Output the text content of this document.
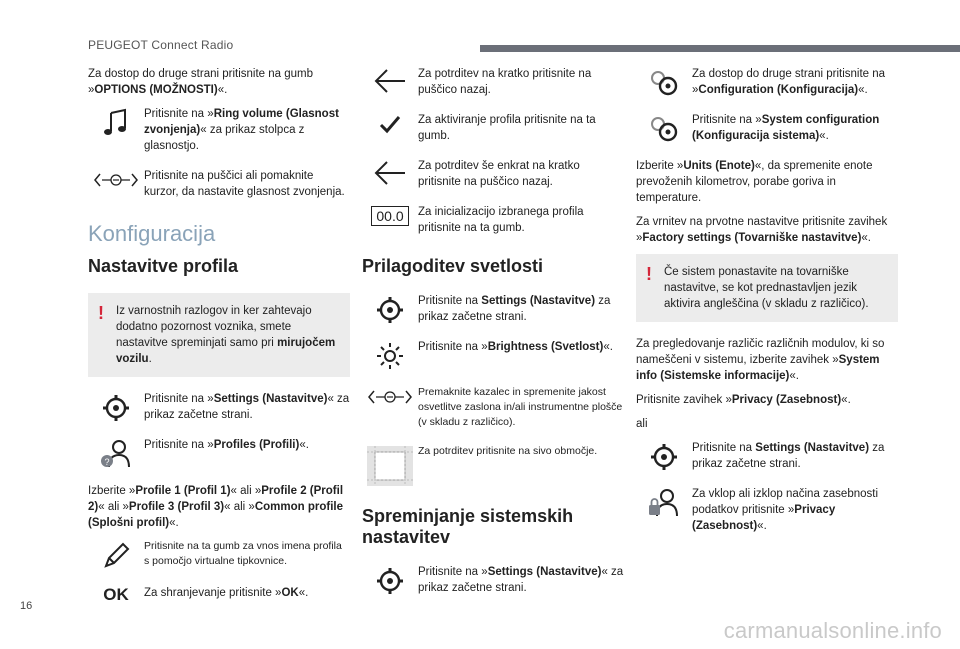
PEUGEOT Connect Radio

Za dostop do druge strani pritisnite na gumb »OPTIONS (MOŽNOSTI)«.

Pritisnite na »Ring volume (Glasnost zvonjenja)« za prikaz stolpca z glasnostjo.
Pritisnite na puščici ali pomaknite kurzor, da nastavite glasnost zvonjenja.
Konfiguracija
Nastavitve profila
! Iz varnostnih razlogov in ker zahtevajo dodatno pozornost voznika, smete nastavitve spreminjati samo pri mirujočem vozilu.
Pritisnite na »Settings (Nastavitve)« za prikaz začetne strani.
?
Pritisnite na »Profiles (Profili)«.

Izberite »Profile 1 (Profil 1)« ali »Profile 2 (Profil 2)« ali »Profile 3 (Profil 3)« ali »Common profile (Splošni profil)«.

Pritisnite na ta gumb za vnos imena profila s pomočjo virtualne tipkovnice.
OK Za shranjevanje pritisnite »OK«.
Za potrditev na kratko pritisnite na puščico nazaj.
Za aktiviranje profila pritisnite na ta gumb.
Za potrditev še enkrat na kratko pritisnite na puščico nazaj.
00.0	Za inicializacijo izbranega profila pritisnite na ta gumb.
Prilagoditev svetlosti
Pritisnite na Settings (Nastavitve) za prikaz začetne strani.
Pritisnite na »Brightness (Svetlost)«.
Premaknite kazalec in spremenite jakost osvetlitve zaslona in/ali instrumentne plošče (v skladu z različico).
Za potrditev pritisnite na sivo območje.
Spreminjanje sistemskih nastavitev
Pritisnite na »Settings (Nastavitve)« za prikaz začetne strani.
Za dostop do druge strani pritisnite na »Configuration (Konfiguracija)«.
Pritisnite na »System configuration (Konfiguracija sistema)«.

Izberite »Units (Enote)«, da spremenite enote prevoženih kilometrov, porabe goriva in temperature.

Za vrnitev na prvotne nastavitve pritisnite zavihek »Factory settings (Tovarniške nastavitve)«.

! Če sistem ponastavite na tovarniške nastavitve, se kot prednastavljen jezik aktivira angleščina (v skladu z različico).

Za pregledovanje različic različnih modulov, ki so nameščeni v sistemu, izberite zavihek »System info (Sistemske informacije)«.

Pritisnite zavihek »Privacy (Zasebnost)«.

ali

Pritisnite na Settings (Nastavitve) za prikaz začetne strani.
Za vklop ali izklop načina zasebnosti podatkov pritisnite »Privacy (Zasebnost)«.
16
carmanualsonline.info
